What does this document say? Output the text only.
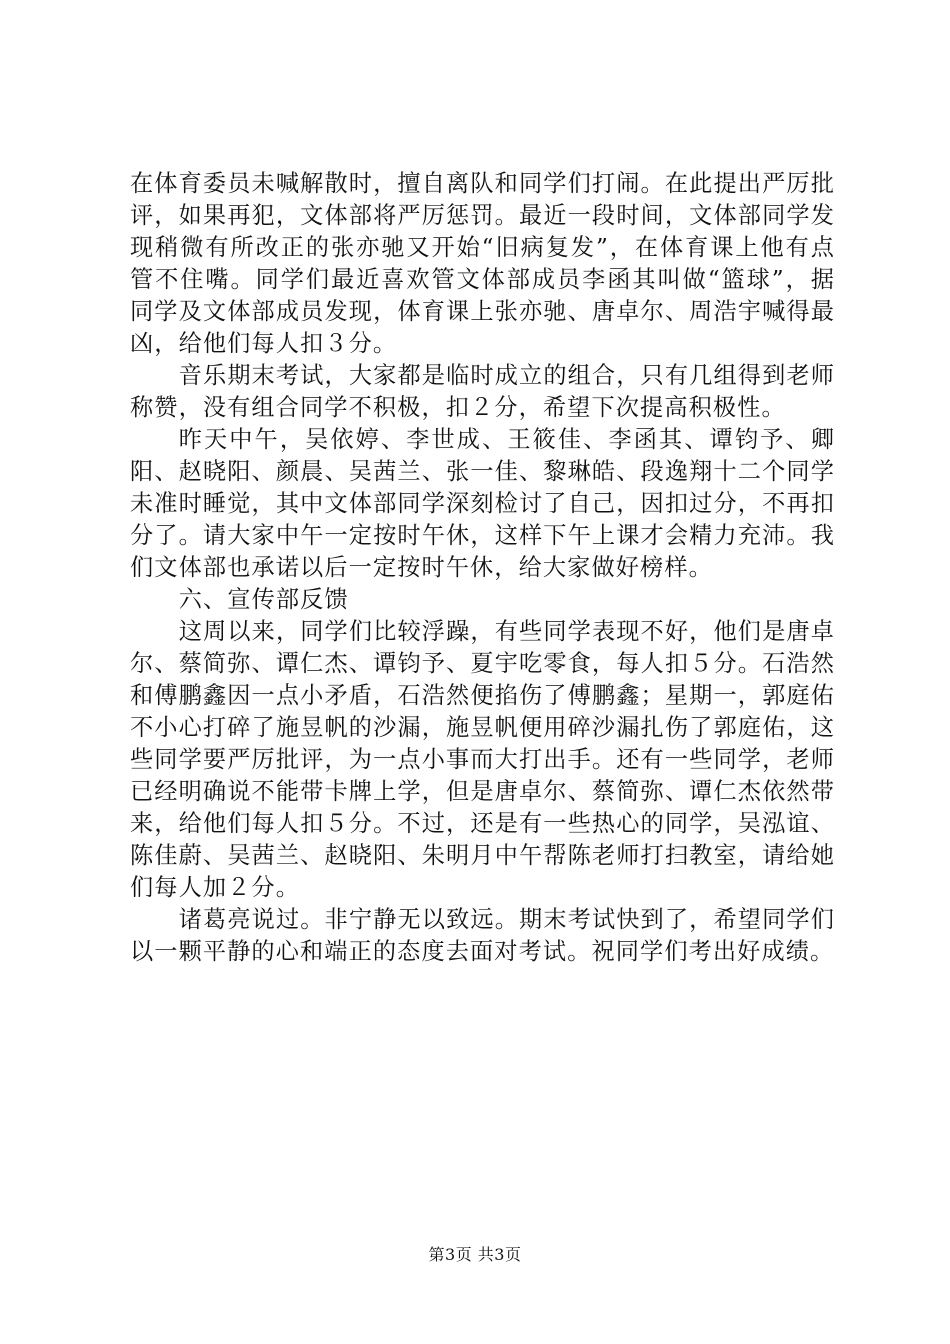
在体育委员未喊解散时，擅自离队和同学们打闹。在此提出严厉批评，如果再犯，文体部将严厉惩罚。最近一段时间，文体部同学发现稍微有所改正的张亦驰又开始“旧病复发”，在体育课上他有点管不住嘴。同学们最近喜欢管文体部成员李函其叫做“篮球”，据同学及文体部成员发现，体育课上张亦驰、唐卓尔、周浩宇喊得最凶，给他们每人扣３分。

音乐期末考试，大家都是临时成立的组合，只有几组得到老师称赞，没有组合同学不积极，扣２分，希望下次提高积极性。

昨天中午，吴依婷、李世成、王筱佳、李函其、谭钧予、卿阳、赵晓阳、颜晨、吴茜兰、张一佳、黎琳皓、段逸翔十二个同学未准时睡觉，其中文体部同学深刻检讨了自己，因扣过分，不再扣分了。请大家中午一定按时午休，这样下午上课才会精力充沛。我们文体部也承诺以后一定按时午休，给大家做好榜样。

六、宣传部反馈

这周以来，同学们比较浮躁，有些同学表现不好，他们是唐卓尔、蔡简弥、谭仁杰、谭钧予、夏宇吃零食，每人扣５分。石浩然和傅鹏鑫因一点小矛盾，石浩然便掐伤了傅鹏鑫；星期一，郭庭佑不小心打碎了施昱帆的沙漏，施昱帆便用碎沙漏扎伤了郭庭佑，这些同学要严厉批评，为一点小事而大打出手。还有一些同学，老师已经明确说不能带卡牌上学，但是唐卓尔、蔡简弥、谭仁杰依然带来，给他们每人扣５分。不过，还是有一些热心的同学，吴泓谊、陈佳蔚、吴茜兰、赵晓阳、朱明月中午帮陈老师打扫教室，请给她们每人加２分。

诸葛亮说过。非宁静无以致远。期末考试快到了，希望同学们以一颗平静的心和端正的态度去面对考试。祝同学们考出好成绩。

第3页 共3页
